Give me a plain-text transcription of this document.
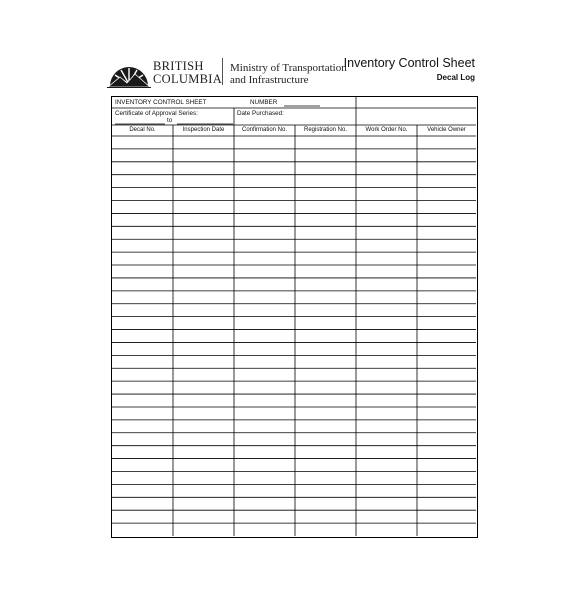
BRITISH
COLUMBIA
Ministry of Transportation
and Infrastructure
Inventory Control Sheet
Decal Log
INVENTORY CONTROL SHEET	NUMBER
Certificate of Approval Series:
to
Date Purchased:
Decal No.	Inspection Date	Confirmation No.	Registration No.	Work Order No.	Vehicle Owner
